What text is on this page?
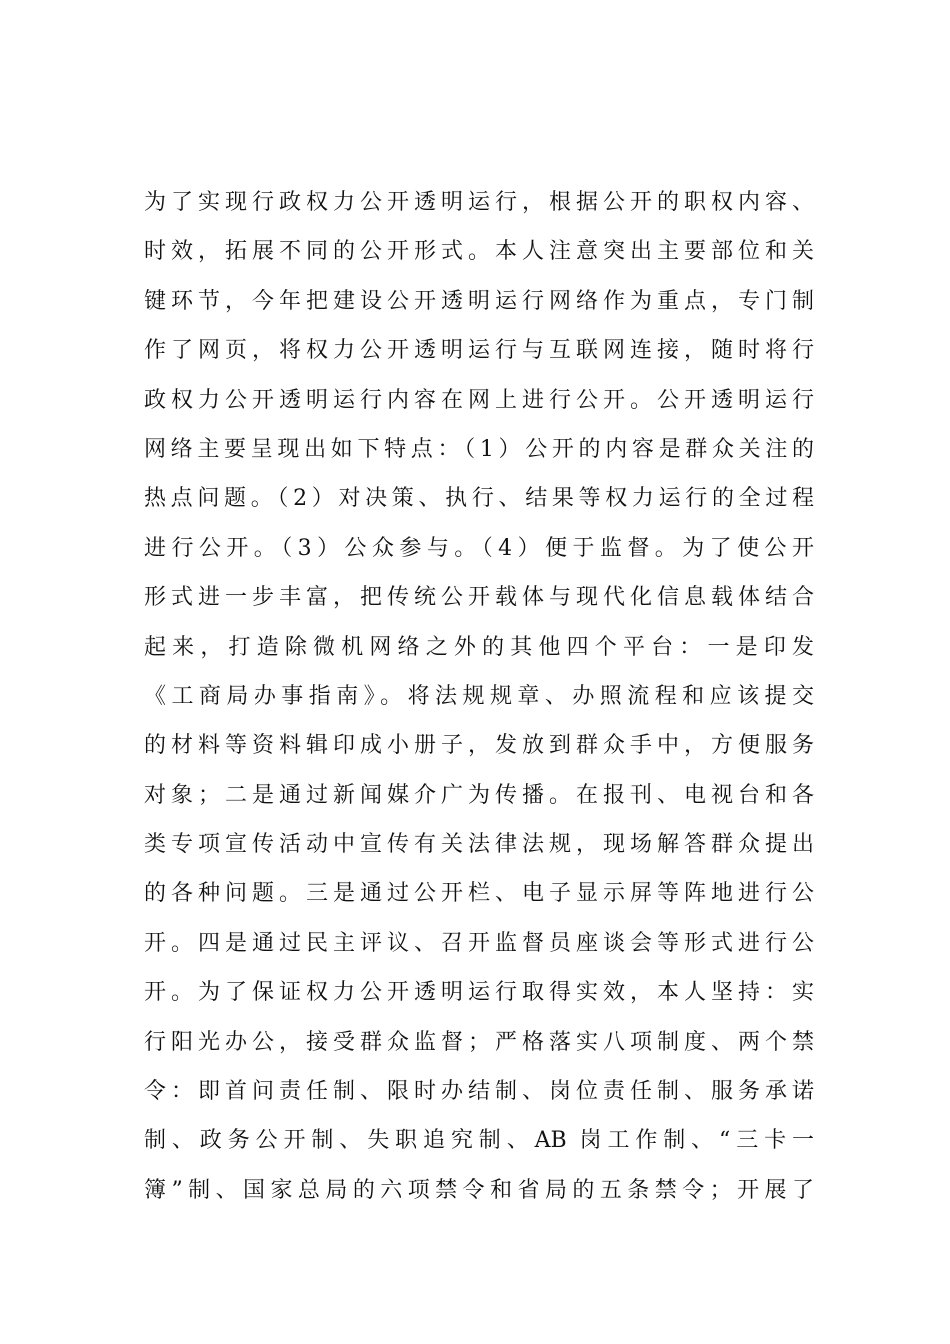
为了实现行政权力公开透明运行，根据公开的职权内容、
时效，拓展不同的公开形式。本人注意突出主要部位和关
键环节，今年把建设公开透明运行网络作为重点，专门制
作了网页，将权力公开透明运行与互联网连接，随时将行
政权力公开透明运行内容在网上进行公开。公开透明运行
网络主要呈现出如下特点：（1）公开的内容是群众关注的
热点问题。（2）对决策、执行、结果等权力运行的全过程
进行公开。（3）公众参与。（4）便于监督。为了使公开
形式进一步丰富，把传统公开载体与现代化信息载体结合
起来，打造除微机网络之外的其他四个平台：一是印发
《工商局办事指南》。将法规规章、办照流程和应该提交
的材料等资料辑印成小册子，发放到群众手中，方便服务
对象；二是通过新闻媒介广为传播。在报刊、电视台和各
类专项宣传活动中宣传有关法律法规，现场解答群众提出
的各种问题。三是通过公开栏、电子显示屏等阵地进行公
开。四是通过民主评议、召开监督员座谈会等形式进行公
开。为了保证权力公开透明运行取得实效，本人坚持：实
行阳光办公，接受群众监督；严格落实八项制度、两个禁
令：即首问责任制、限时办结制、岗位责任制、服务承诺
制、政务公开制、失职追究制、AB 岗工作制、“三卡一
簿”制、国家总局的六项禁令和省局的五条禁令；开展了
